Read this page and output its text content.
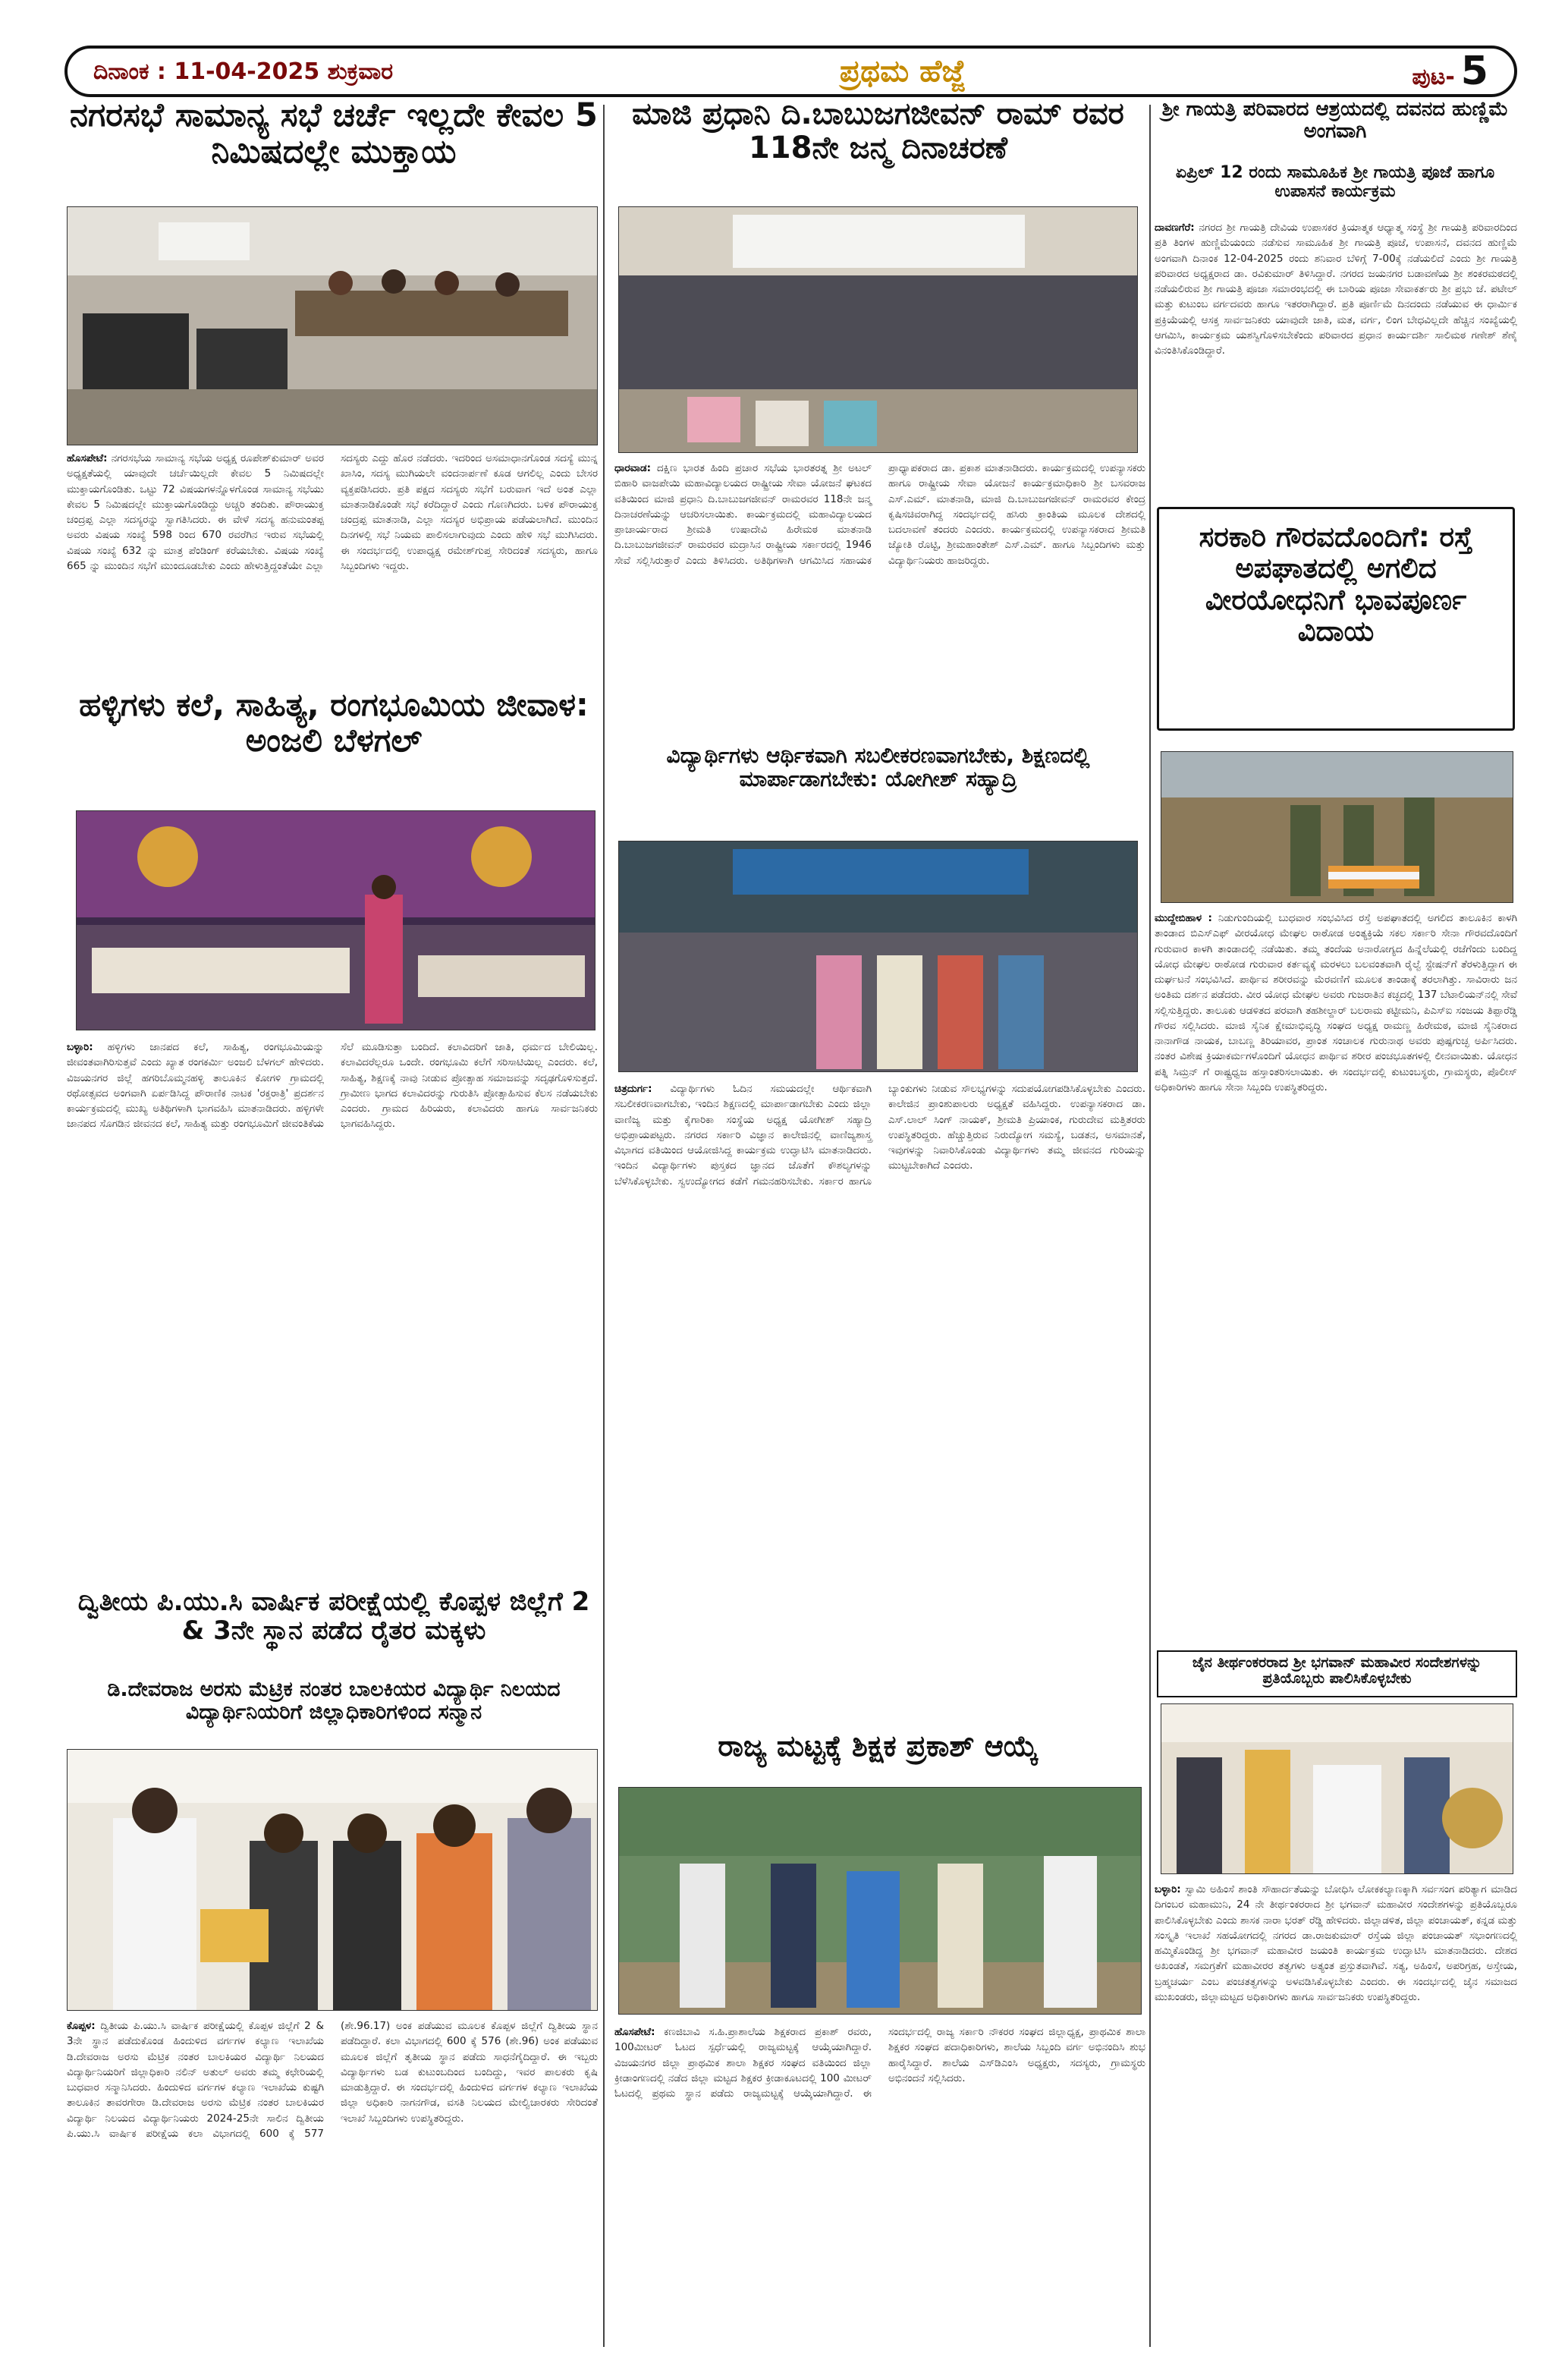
ದಿನಾಂಕ : 11-04-2025 ಶುಕ್ರವಾರ	ಪ್ರಥಮ ಹೆಜ್ಜೆ	ಪುಟ- 5
ನಗರಸಭೆ ಸಾಮಾನ್ಯ ಸಭೆ ಚರ್ಚೆ ಇಲ್ಲದೇ ಕೇವಲ 5 ನಿಮಿಷದಲ್ಲೇ ಮುಕ್ತಾಯ
ಹೊಸಪೇಟೆ: ನಗರಸಭೆಯ ಸಾಮಾನ್ಯ ಸಭೆಯ ಅಧ್ಯಕ್ಷ ರೂಪೇಶ್‌ಕುಮಾರ್ ಅವರ ಅಧ್ಯಕ್ಷತೆಯಲ್ಲಿ ಯಾವುದೇ ಚರ್ಚೆಯಿಲ್ಲದೇ ಕೇವಲ 5 ನಿಮಿಷದಲ್ಲೇ ಮುಕ್ತಾಯಗೊಂಡಿತು. ಒಟ್ಟು 72 ವಿಷಯಗಳನ್ನೊಳಗೊಂಡ ಸಾಮಾನ್ಯ ಸಭೆಯು ಕೇವಲ 5 ನಿಮಿಷದಲ್ಲೇ ಮುಕ್ತಾಯಗೊಂಡಿದ್ದು ಅಚ್ಚರಿ ತಂದಿತು. ಪೌರಾಯುಕ್ತ ಚಂದ್ರಪ್ಪ ಎಲ್ಲಾ ಸದಸ್ಯರನ್ನು ಸ್ವಾಗತಿಸಿದರು. ಈ ವೇಳೆ ಸದಸ್ಯ ಹನುಮಂತಪ್ಪ ಅವರು ವಿಷಯ ಸಂಖ್ಯೆ 598 ರಿಂದ 670 ರವರೆಗಿನ ಇರುವ ಸಭೆಯಲ್ಲಿ ವಿಷಯ ಸಂಖ್ಯೆ 632 ನ್ನು ಮಾತ್ರ ಪೆಂಡಿಂಗ್ ಕರೆಯಬೇಕು. ವಿಷಯ ಸಂಖ್ಯೆ 665 ನ್ನು ಮುಂದಿನ ಸಭೆಗೆ ಮುಂದೂಡಬೇಕು ಎಂದು ಹೇಳುತ್ತಿದ್ದಂತೆಯೇ ಎಲ್ಲಾ ಸದಸ್ಯರು ಎದ್ದು ಹೊರ ನಡೆದರು. ಇದರಿಂದ ಅಸಮಾಧಾನಗೊಂಡ ಸದಸ್ಯೆ ಮುನ್ನ ಖಾಸಿಂ, ಸದಸ್ಯ ಮುಗಿಯಲೇ ವಂದನಾರ್ಪಣೆ ಕೂಡ ಆಗಲಿಲ್ಲ ಎಂದು ಬೇಸರ ವ್ಯಕ್ತಪಡಿಸಿದರು. ಪ್ರತಿ ಪಕ್ಷದ ಸದಸ್ಯರು ಸಭೆಗೆ ಬರುವಾಗ ಇದೆ ಅಂತ ಎಲ್ಲಾ ಮಾತನಾಡಿಕೊಂಡೇ ಸಭೆ ಕರೆದಿದ್ದಾರೆ ಎಂದು ಗೊಣಗಿದರು. ಬಳಿಕ ಪೌರಾಯುಕ್ತ ಚಂದ್ರಪ್ಪ ಮಾತನಾಡಿ, ಎಲ್ಲಾ ಸದಸ್ಯರ ಅಭಿಪ್ರಾಯ ಪಡೆಯಲಾಗಿದೆ. ಮುಂದಿನ ದಿನಗಳಲ್ಲಿ ಸಭೆ ನಿಯಮ ಪಾಲಿಸಲಾಗುವುದು ಎಂದು ಹೇಳಿ ಸಭೆ ಮುಗಿಸಿದರು. ಈ ಸಂದರ್ಭದಲ್ಲಿ ಉಪಾಧ್ಯಕ್ಷ ರಮೇಶ್‌ಗುಪ್ತ ಸೇರಿದಂತೆ ಸದಸ್ಯರು, ಹಾಗೂ ಸಿಬ್ಬಂದಿಗಳು ಇದ್ದರು.
ಹಳ್ಳಿಗಳು ಕಲೆ, ಸಾಹಿತ್ಯ, ರಂಗಭೂಮಿಯ ಜೀವಾಳ: ಅಂಜಲಿ ಬೆಳಗಲ್
ಬಳ್ಳಾರಿ: ಹಳ್ಳಿಗಳು ಜಾನಪದ ಕಲೆ, ಸಾಹಿತ್ಯ, ರಂಗಭೂಮಿಯನ್ನು ಜೀವಂತವಾಗಿರಿಸುತ್ತವೆ ಎಂದು ಖ್ಯಾತ ರಂಗಕರ್ಮಿ ಅಂಜಲಿ ಬೆಳಗಲ್ ಹೇಳಿದರು. ವಿಜಯನಗರ ಜಿಲ್ಲೆ ಹಗರಿಬೊಮ್ಮನಹಳ್ಳಿ ತಾಲೂಕಿನ ಕೋಗಳಿ ಗ್ರಾಮದಲ್ಲಿ ರಥೋತ್ಸವದ ಅಂಗವಾಗಿ ಏರ್ಪಡಿಸಿದ್ದ ಪೌರಾಣಿಕ ನಾಟಕ 'ರಕ್ತರಾತ್ರಿ' ಪ್ರದರ್ಶನ ಕಾರ್ಯಕ್ರಮದಲ್ಲಿ ಮುಖ್ಯ ಅತಿಥಿಗಳಾಗಿ ಭಾಗವಹಿಸಿ ಮಾತನಾಡಿದರು. ಹಳ್ಳಿಗಳೇ ಜಾನಪದ ಸೊಗಡಿನ ಜೀವನದ ಕಲೆ, ಸಾಹಿತ್ಯ ಮತ್ತು ರಂಗಭೂಮಿಗೆ ಜೀವಂತಿಕೆಯ ಸೆಲೆ ಮೂಡಿಸುತ್ತಾ ಬಂದಿದೆ. ಕಲಾವಿದರಿಗೆ ಜಾತಿ, ಧರ್ಮದ ಬೇಲಿಯಿಲ್ಲ. ಕಲಾವಿದರೆಲ್ಲರೂ ಒಂದೇ. ರಂಗಭೂಮಿ ಕಲೆಗೆ ಸರಿಸಾಟಿಯಿಲ್ಲ ಎಂದರು. ಕಲೆ, ಸಾಹಿತ್ಯ, ಶಿಕ್ಷಣಕ್ಕೆ ನಾವು ನೀಡುವ ಪ್ರೋತ್ಸಾಹ ಸಮಾಜವನ್ನು ಸದೃಢಗೊಳಿಸುತ್ತದೆ. ಗ್ರಾಮೀಣ ಭಾಗದ ಕಲಾವಿದರನ್ನು ಗುರುತಿಸಿ ಪ್ರೋತ್ಸಾಹಿಸುವ ಕೆಲಸ ನಡೆಯಬೇಕು ಎಂದರು. ಗ್ರಾಮದ ಹಿರಿಯರು, ಕಲಾವಿದರು ಹಾಗೂ ಸಾರ್ವಜನಿಕರು ಭಾಗವಹಿಸಿದ್ದರು.
ದ್ವಿತೀಯ ಪಿ.ಯು.ಸಿ ವಾರ್ಷಿಕ ಪರೀಕ್ಷೆಯಲ್ಲಿ ಕೊಪ್ಪಳ ಜಿಲ್ಲೆಗೆ 2 & 3ನೇ ಸ್ಥಾನ ಪಡೆದ ರೈತರ ಮಕ್ಕಳು
ಡಿ.ದೇವರಾಜ ಅರಸು ಮೆಟ್ರಿಕ ನಂತರ ಬಾಲಕಿಯರ ವಿದ್ಯಾರ್ಥಿ ನಿಲಯದ ವಿದ್ಯಾರ್ಥಿನಿಯರಿಗೆ ಜಿಲ್ಲಾಧಿಕಾರಿಗಳಿಂದ ಸನ್ಮಾನ
ಕೊಪ್ಪಳ: ದ್ವಿತೀಯ ಪಿ.ಯು.ಸಿ ವಾರ್ಷಿಕ ಪರೀಕ್ಷೆಯಲ್ಲಿ ಕೊಪ್ಪಳ ಜಿಲ್ಲೆಗೆ 2 & 3ನೇ ಸ್ಥಾನ ಪಡೆದುಕೊಂಡ ಹಿಂದುಳಿದ ವರ್ಗಗಳ ಕಲ್ಯಾಣ ಇಲಾಖೆಯ ಡಿ.ದೇವರಾಜ ಅರಸು ಮೆಟ್ರಿಕ ನಂತರ ಬಾಲಕಿಯರ ವಿದ್ಯಾರ್ಥಿ ನಿಲಯದ ವಿದ್ಯಾರ್ಥಿನಿಯರಿಗೆ ಜಿಲ್ಲಾಧಿಕಾರಿ ನಲಿನ್ ಅತುಲ್ ಅವರು ತಮ್ಮ ಕಛೇರಿಯಲ್ಲಿ ಬುಧವಾರ ಸನ್ಮಾನಿಸಿದರು. ಹಿಂದುಳಿದ ವರ್ಗಗಳ ಕಲ್ಯಾಣ ಇಲಾಖೆಯ ಕುಷ್ಟಗಿ ತಾಲೂಕಿನ ತಾವರಗೇರಾ ಡಿ.ದೇವರಾಜ ಅರಸು ಮೆಟ್ರಿಕ ನಂತರ ಬಾಲಕಿಯರ ವಿದ್ಯಾರ್ಥಿ ನಿಲಯದ ವಿದ್ಯಾರ್ಥಿನಿಯರು 2024-25ನೇ ಸಾಲಿನ ದ್ವಿತೀಯ ಪಿ.ಯು.ಸಿ ವಾರ್ಷಿಕ ಪರೀಕ್ಷೆಯ ಕಲಾ ವಿಭಾಗದಲ್ಲಿ 600 ಕ್ಕೆ 577 (ಶೇ.96.17) ಅಂಕ ಪಡೆಯುವ ಮೂಲಕ ಕೊಪ್ಪಳ ಜಿಲ್ಲೆಗೆ ದ್ವಿತೀಯ ಸ್ಥಾನ ಪಡೆದಿದ್ದಾರೆ. ಕಲಾ ವಿಭಾಗದಲ್ಲಿ 600 ಕ್ಕೆ 576 (ಶೇ.96) ಅಂಕ ಪಡೆಯುವ ಮೂಲಕ ಜಿಲ್ಲೆಗೆ ತೃತೀಯ ಸ್ಥಾನ ಪಡೆದು ಸಾಧನೆಗೈದಿದ್ದಾರೆ. ಈ ಇಬ್ಬರು ವಿದ್ಯಾರ್ಥಿಗಳು ಬಡ ಕುಟುಂಬದಿಂದ ಬಂದಿದ್ದು, ಇವರ ಪಾಲಕರು ಕೃಷಿ ಮಾಡುತ್ತಿದ್ದಾರೆ. ಈ ಸಂದರ್ಭದಲ್ಲಿ ಹಿಂದುಳಿದ ವರ್ಗಗಳ ಕಲ್ಯಾಣ ಇಲಾಖೆಯ ಜಿಲ್ಲಾ ಅಧಿಕಾರಿ ನಾಗನಗೌಡ, ವಸತಿ ನಿಲಯದ ಮೇಲ್ವಿಚಾರಕರು ಸೇರಿದಂತೆ ಇಲಾಖೆ ಸಿಬ್ಬಂದಿಗಳು ಉಪಸ್ಥಿತರಿದ್ದರು.
ಮಾಜಿ ಪ್ರಧಾನಿ ದಿ.ಬಾಬುಜಗಜೀವನ್ ರಾಮ್ ರವರ 118ನೇ ಜನ್ಮ ದಿನಾಚರಣೆ
ಧಾರವಾಡ: ದಕ್ಷಿಣ ಭಾರತ ಹಿಂದಿ ಪ್ರಚಾರ ಸಭೆಯ ಭಾರತರತ್ನ ಶ್ರೀ ಅಟಲ್ ಬಿಹಾರಿ ವಾಜಪೇಯಿ ಮಹಾವಿದ್ಯಾಲಯದ ರಾಷ್ಟ್ರೀಯ ಸೇವಾ ಯೋಜನೆ ಘಟಕದ ವತಿಯಿಂದ ಮಾಜಿ ಪ್ರಧಾನಿ ದಿ.ಬಾಬುಜಗಜೀವನ್ ರಾಮರವರ 118ನೇ ಜನ್ಮ ದಿನಾಚರಣೆಯನ್ನು ಆಚರಿಸಲಾಯಿತು. ಕಾರ್ಯಕ್ರಮದಲ್ಲಿ ಮಹಾವಿದ್ಯಾಲಯದ ಪ್ರಾಚಾರ್ಯರಾದ ಶ್ರೀಮತಿ ಉಷಾದೇವಿ ಹಿರೇಮಠ ಮಾತನಾಡಿ ದಿ.ಬಾಬುಜಗಜೀವನ್ ರಾಮರವರ ಮದ್ರಾಸಿನ ರಾಷ್ಟ್ರೀಯ ಸರ್ಕಾರದಲ್ಲಿ 1946 ಸೇವೆ ಸಲ್ಲಿಸಿರುತ್ತಾರೆ ಎಂದು ತಿಳಿಸಿದರು. ಅತಿಥಿಗಳಾಗಿ ಆಗಮಿಸಿದ ಸಹಾಯಕ ಪ್ರಾಧ್ಯಾಪಕರಾದ ಡಾ. ಪ್ರಕಾಶ ಮಾತನಾಡಿದರು. ಕಾರ್ಯಕ್ರಮದಲ್ಲಿ ಉಪನ್ಯಾಸಕರು ಹಾಗೂ ರಾಷ್ಟ್ರೀಯ ಸೇವಾ ಯೋಜನೆ ಕಾರ್ಯಕ್ರಮಾಧಿಕಾರಿ ಶ್ರೀ ಬಸವರಾಜ ಎಸ್.ಎಮ್. ಮಾತನಾಡಿ, ಮಾಜಿ ದಿ.ಬಾಬುಜಗಜೀವನ್ ರಾಮರವರ ಕೇಂದ್ರ ಕೃಷಿಸಚಿವರಾಗಿದ್ದ ಸಂದರ್ಭದಲ್ಲಿ ಹಸಿರು ಕ್ರಾಂತಿಯ ಮೂಲಕ ದೇಶದಲ್ಲಿ ಬದಲಾವಣೆ ತಂದರು ಎಂದರು. ಕಾರ್ಯಕ್ರಮದಲ್ಲಿ ಉಪನ್ಯಾಸಕರಾದ ಶ್ರೀಮತಿ ಜ್ಯೋತಿ ರೊಟ್ಟಿ, ಶ್ರೀಮಹಾಂತೇಶ್ ಎಸ್.ಎಮ್. ಹಾಗೂ ಸಿಬ್ಬಂದಿಗಳು ಮತ್ತು ವಿದ್ಯಾರ್ಥಿನಿಯರು ಹಾಜರಿದ್ದರು.
ವಿದ್ಯಾರ್ಥಿಗಳು ಆರ್ಥಿಕವಾಗಿ ಸಬಲೀಕರಣವಾಗಬೇಕು, ಶಿಕ್ಷಣದಲ್ಲಿ ಮಾರ್ಪಾಡಾಗಬೇಕು: ಯೋಗೀಶ್ ಸಹ್ಯಾದ್ರಿ
ಚಿತ್ರದುರ್ಗ: ವಿದ್ಯಾರ್ಥಿಗಳು ಓದಿನ ಸಮಯದಲ್ಲೇ ಆರ್ಥಿಕವಾಗಿ ಸಬಲೀಕರಣವಾಗಬೇಕು, ಇಂದಿನ ಶಿಕ್ಷಣದಲ್ಲಿ ಮಾರ್ಪಾಡಾಗಬೇಕು ಎಂದು ಜಿಲ್ಲಾ ವಾಣಿಜ್ಯ ಮತ್ತು ಕೈಗಾರಿಕಾ ಸಂಸ್ಥೆಯ ಅಧ್ಯಕ್ಷ ಯೋಗೀಶ್ ಸಹ್ಯಾದ್ರಿ ಅಭಿಪ್ರಾಯಪಟ್ಟರು. ನಗರದ ಸರ್ಕಾರಿ ವಿಜ್ಞಾನ ಕಾಲೇಜಿನಲ್ಲಿ ವಾಣಿಜ್ಯಶಾಸ್ತ್ರ ವಿಭಾಗದ ವತಿಯಿಂದ ಆಯೋಜಿಸಿದ್ದ ಕಾರ್ಯಕ್ರಮ ಉದ್ಘಾಟಿಸಿ ಮಾತನಾಡಿದರು. ಇಂದಿನ ವಿದ್ಯಾರ್ಥಿಗಳು ಪುಸ್ತಕದ ಜ್ಞಾನದ ಜೊತೆಗೆ ಕೌಶಲ್ಯಗಳನ್ನು ಬೆಳೆಸಿಕೊಳ್ಳಬೇಕು. ಸ್ವಉದ್ಯೋಗದ ಕಡೆಗೆ ಗಮನಹರಿಸಬೇಕು. ಸರ್ಕಾರ ಹಾಗೂ ಬ್ಯಾಂಕುಗಳು ನೀಡುವ ಸೌಲಭ್ಯಗಳನ್ನು ಸದುಪಯೋಗಪಡಿಸಿಕೊಳ್ಳಬೇಕು ಎಂದರು. ಕಾಲೇಜಿನ ಪ್ರಾಂಶುಪಾಲರು ಅಧ್ಯಕ್ಷತೆ ವಹಿಸಿದ್ದರು. ಉಪನ್ಯಾಸಕರಾದ ಡಾ. ಎಸ್.ಲಾಲ್ ಸಿಂಗ್ ನಾಯಕ್, ಶ್ರೀಮತಿ ಪ್ರಿಯಾಂಕ, ಗುರುದೇವ ಮತ್ತಿತರರು ಉಪಸ್ಥಿತರಿದ್ದರು. ಹೆಚ್ಚುತ್ತಿರುವ ನಿರುದ್ಯೋಗ ಸಮಸ್ಯೆ, ಬಡತನ, ಅಸಮಾನತೆ, ಇವುಗಳನ್ನು ನಿವಾರಿಸಿಕೊಂಡು ವಿದ್ಯಾರ್ಥಿಗಳು ತಮ್ಮ ಜೀವನದ ಗುರಿಯನ್ನು ಮುಟ್ಟಬೇಕಾಗಿದೆ ಎಂದರು.
ರಾಜ್ಯ ಮಟ್ಟಕ್ಕೆ ಶಿಕ್ಷಕ ಪ್ರಕಾಶ್ ಆಯ್ಕೆ
ಹೊಸಪೇಟೆ: ಕಣಜಿಬಾವಿ ಸ.ಹಿ.ಪ್ರಾಶಾಲೆಯ ಶಿಕ್ಷಕರಾದ ಪ್ರಕಾಶ್ ರವರು, 100ಮೀಟರ್ ಓಟದ ಸ್ಪರ್ಧೆಯಲ್ಲಿ ರಾಜ್ಯಮಟ್ಟಕ್ಕೆ ಆಯ್ಕೆಯಾಗಿದ್ದಾರೆ. ವಿಜಯನಗರ ಜಿಲ್ಲಾ ಪ್ರಾಥಮಿಕ ಶಾಲಾ ಶಿಕ್ಷಕರ ಸಂಘದ ವತಿಯಿಂದ ಜಿಲ್ಲಾ ಕ್ರೀಡಾಂಗಣದಲ್ಲಿ ನಡೆದ ಜಿಲ್ಲಾ ಮಟ್ಟದ ಶಿಕ್ಷಕರ ಕ್ರೀಡಾಕೂಟದಲ್ಲಿ 100 ಮೀಟರ್ ಓಟದಲ್ಲಿ ಪ್ರಥಮ ಸ್ಥಾನ ಪಡೆದು ರಾಜ್ಯಮಟ್ಟಕ್ಕೆ ಆಯ್ಕೆಯಾಗಿದ್ದಾರೆ. ಈ ಸಂದರ್ಭದಲ್ಲಿ ರಾಜ್ಯ ಸರ್ಕಾರಿ ನೌಕರರ ಸಂಘದ ಜಿಲ್ಲಾಧ್ಯಕ್ಷ, ಪ್ರಾಥಮಿಕ ಶಾಲಾ ಶಿಕ್ಷಕರ ಸಂಘದ ಪದಾಧಿಕಾರಿಗಳು, ಶಾಲೆಯ ಸಿಬ್ಬಂದಿ ವರ್ಗ ಅಭಿನಂದಿಸಿ ಶುಭ ಹಾರೈಸಿದ್ದಾರೆ. ಶಾಲೆಯ ಎಸ್‌ಡಿಎಂಸಿ ಅಧ್ಯಕ್ಷರು, ಸದಸ್ಯರು, ಗ್ರಾಮಸ್ಥರು ಅಭಿನಂದನೆ ಸಲ್ಲಿಸಿದರು.
ಶ್ರೀ ಗಾಯತ್ರಿ ಪರಿವಾರದ ಆಶ್ರಯದಲ್ಲಿ ದವನದ ಹುಣ್ಣಿಮೆ ಅಂಗವಾಗಿ
ಏಪ್ರಿಲ್ 12 ರಂದು ಸಾಮೂಹಿಕ ಶ್ರೀ ಗಾಯತ್ರಿ ಪೂಜೆ ಹಾಗೂ ಉಪಾಸನೆ ಕಾರ್ಯಕ್ರಮ
ದಾವಣಗೆರೆ: ನಗರದ ಶ್ರೀ ಗಾಯತ್ರಿ ದೇವಿಯ ಉಪಾಸಕರ ಕ್ರಿಯಾತ್ಮಕ ಆಧ್ಯಾತ್ಮ ಸಂಸ್ಥೆ ಶ್ರೀ ಗಾಯತ್ರಿ ಪರಿವಾರದಿಂದ ಪ್ರತಿ ತಿಂಗಳ ಹುಣ್ಣಿಮೆಯಂದು ನಡೆಸುವ ಸಾಮೂಹಿಕ ಶ್ರೀ ಗಾಯತ್ರಿ ಪೂಜೆ, ಉಪಾಸನೆ, ದವನದ ಹುಣ್ಣಿಮೆ ಅಂಗವಾಗಿ ದಿನಾಂಕ 12-04-2025 ರಂದು ಶನಿವಾರ ಬೆಳಿಗ್ಗೆ 7-00ಕ್ಕೆ ನಡೆಯಲಿದೆ ಎಂದು ಶ್ರೀ ಗಾಯತ್ರಿ ಪರಿವಾರದ ಅಧ್ಯಕ್ಷರಾದ ಡಾ. ರವಿಕುಮಾರ್ ತಿಳಿಸಿದ್ದಾರೆ. ನಗರದ ಜಯನಗರ ಬಡಾವಣೆಯ ಶ್ರೀ ಶಂಕರಮಠದಲ್ಲಿ ನಡೆಯಲಿರುವ ಶ್ರೀ ಗಾಯತ್ರಿ ಪೂಜಾ ಸಮಾರಂಭದಲ್ಲಿ ಈ ಬಾರಿಯ ಪೂಜಾ ಸೇವಾಕರ್ತರು ಶ್ರೀ ಪ್ರಭು ಜೆ. ಪಟೇಲ್ ಮತ್ತು ಕುಟುಂಬ ವರ್ಗದವರು ಹಾಗೂ ಇತರರಾಗಿದ್ದಾರೆ. ಪ್ರತಿ ಪೂರ್ಣಿಮೆ ದಿನದಂದು ನಡೆಯುವ ಈ ಧಾರ್ಮಿಕ ಪ್ರಕ್ರಿಯೆಯಲ್ಲಿ ಆಸಕ್ತ ಸಾರ್ವಜನಿಕರು ಯಾವುದೇ ಜಾತಿ, ಮತ, ವರ್ಗ, ಲಿಂಗ ಬೇಧವಿಲ್ಲದೇ ಹೆಚ್ಚಿನ ಸಂಖ್ಯೆಯಲ್ಲಿ ಆಗಮಿಸಿ, ಕಾರ್ಯಕ್ರಮ ಯಶಸ್ವಿಗೊಳಿಸಬೇಕೆಂದು ಪರಿವಾರದ ಪ್ರಧಾನ ಕಾರ್ಯದರ್ಶಿ ಸಾಲಿಮಠ ಗಣೇಶ್ ಶೆಣೈ ವಿನಂತಿಸಿಕೊಂಡಿದ್ದಾರೆ.
ಸರಕಾರಿ ಗೌರವದೊಂದಿಗೆ: ರಸ್ತೆ ಅಪಘಾತದಲ್ಲಿ ಅಗಲಿದ ವೀರಯೋಧನಿಗೆ ಭಾವಪೂರ್ಣ ವಿದಾಯ
ಮುದ್ದೇಬಿಹಾಳ : ನಿಡುಗುಂದಿಯಲ್ಲಿ ಬುಧವಾರ ಸಂಭವಿಸಿದ ರಸ್ತೆ ಅಪಘಾತದಲ್ಲಿ ಅಗಲಿದ ತಾಲೂಕಿನ ಕಾಳಗಿ ತಾಂಡಾದ ಬಿಎಸ್‌ಎಫ್ ವೀರಯೋಧ ಮೇಘಲ ರಾಠೋಡ ಅಂತ್ಯಕ್ರಿಯೆ ಸಕಲ ಸರ್ಕಾರಿ ಸೇನಾ ಗೌರವದೊಂದಿಗೆ ಗುರುವಾರ ಕಾಳಗಿ ತಾಂಡಾದಲ್ಲಿ ನಡೆಯಿತು. ತಮ್ಮ ತಂದೆಯ ಅನಾರೋಗ್ಯದ ಹಿನ್ನೆಲೆಯಲ್ಲಿ ರಜೆಗೆಂದು ಬಂದಿದ್ದ ಯೋಧ ಮೇಘಲ ರಾಠೋಡ ಗುರುವಾರ ಕರ್ತವ್ಯಕ್ಕೆ ಮರಳಲು ಬಲವಂತವಾಗಿ ರೈಲ್ವೆ ಸ್ಟೇಷನ್‌ಗೆ ತೆರಳುತ್ತಿದ್ದಾಗ ಈ ದುರ್ಘಟನೆ ಸಂಭವಿಸಿದೆ. ಪಾರ್ಥಿವ ಶರೀರವನ್ನು ಮೆರವಣಿಗೆ ಮೂಲಕ ತಾಂಡಾಕ್ಕೆ ತರಲಾಗಿತ್ತು. ಸಾವಿರಾರು ಜನ ಅಂತಿಮ ದರ್ಶನ ಪಡೆದರು. ವೀರ ಯೋಧ ಮೇಘಲ ಅವರು ಗುಜರಾತಿನ ಕಚ್ಛದಲ್ಲಿ 137 ಬೆಟಾಲಿಯನ್‌ನಲ್ಲಿ ಸೇವೆ ಸಲ್ಲಿಸುತ್ತಿದ್ದರು. ತಾಲೂಕು ಆಡಳಿತದ ಪರವಾಗಿ ತಹಶೀಲ್ದಾರ್ ಬಲರಾಮ ಕಟ್ಟೀಮನಿ, ಪಿಎಸ್ಐ ಸಂಜಯ ತಿಪ್ಪಾರೆಡ್ಡಿ ಗೌರವ ಸಲ್ಲಿಸಿದರು. ಮಾಜಿ ಸೈನಿಕ ಕ್ಷೇಮಾಭಿವೃದ್ಧಿ ಸಂಘದ ಅಧ್ಯಕ್ಷ ರಾಮಣ್ಣ ಹಿರೇಮಠ, ಮಾಜಿ ಸೈನಿಕರಾದ ನಾನಾಗೌಡ ನಾಯಕ, ಬಾಬಣ್ಣ ತಿರಿಯಾವರ, ಪ್ರಾಂತ ಸಂಚಾಲಕ ಗುರುನಾಥ ಅವರು ಪುಷ್ಪಗುಚ್ಛ ಅರ್ಪಿಸಿದರು. ನಂತರ ವಿಶೇಷ ಕ್ರಿಯಾಕರ್ಮಗಳೊಂದಿಗೆ ಯೋಧನ ಪಾರ್ಥಿವ ಶರೀರ ಪಂಚಭೂತಗಳಲ್ಲಿ ಲೀನವಾಯಿತು. ಯೋಧನ ಪತ್ನಿ ಸಿಮ್ರನ್ ಗೆ ರಾಷ್ಟ್ರಧ್ವಜ ಹಸ್ತಾಂತರಿಸಲಾಯಿತು. ಈ ಸಂದರ್ಭದಲ್ಲಿ ಕುಟುಂಬಸ್ಥರು, ಗ್ರಾಮಸ್ಥರು, ಪೊಲೀಸ್ ಅಧಿಕಾರಿಗಳು ಹಾಗೂ ಸೇನಾ ಸಿಬ್ಬಂದಿ ಉಪಸ್ಥಿತರಿದ್ದರು.
ಜೈನ ತೀರ್ಥಂಕರರಾದ ಶ್ರೀ ಭಗವಾನ್ ಮಹಾವೀರ ಸಂದೇಶಗಳನ್ನು ಪ್ರತಿಯೊಬ್ಬರು ಪಾಲಿಸಿಕೊಳ್ಳಬೇಕು
ಬಳ್ಳಾರಿ: ಸ್ವಾಮಿ ಅಹಿಂಸೆ ಶಾಂತಿ ಸೌಹಾರ್ದತೆಯನ್ನು ಬೋಧಿಸಿ ಲೋಕಕಲ್ಯಾಣಕ್ಕಾಗಿ ಸರ್ವಸಂಗ ಪರಿತ್ಯಾಗ ಮಾಡಿದ ದಿಗಂಬರ ಮಹಾಮುನಿ, 24 ನೇ ತೀರ್ಥಂಕರರಾದ ಶ್ರೀ ಭಗವಾನ್ ಮಹಾವೀರ ಸಂದೇಶಗಳನ್ನು ಪ್ರತಿಯೊಬ್ಬರೂ ಪಾಲಿಸಿಕೊಳ್ಳಬೇಕು ಎಂದು ಶಾಸಕ ನಾರಾ ಭರತ್ ರೆಡ್ಡಿ ಹೇಳಿದರು. ಜಿಲ್ಲಾಡಳಿತ, ಜಿಲ್ಲಾ ಪಂಚಾಯತ್, ಕನ್ನಡ ಮತ್ತು ಸಂಸ್ಕೃತಿ ಇಲಾಖೆ ಸಹಯೋಗದಲ್ಲಿ ನಗರದ ಡಾ.ರಾಜಕುಮಾರ್ ರಸ್ತೆಯ ಜಿಲ್ಲಾ ಪಂಚಾಯತ್ ಸಭಾಂಗಣದಲ್ಲಿ ಹಮ್ಮಿಕೊಂಡಿದ್ದ ಶ್ರೀ ಭಗವಾನ್ ಮಹಾವೀರ ಜಯಂತಿ ಕಾರ್ಯಕ್ರಮ ಉದ್ಘಾಟಿಸಿ ಮಾತನಾಡಿದರು. ದೇಶದ ಅಖಂಡತೆ, ಸಮಗ್ರತೆಗೆ ಮಹಾವೀರರ ತತ್ವಗಳು ಅತ್ಯಂತ ಪ್ರಸ್ತುತವಾಗಿವೆ. ಸತ್ಯ, ಅಹಿಂಸೆ, ಅಪರಿಗ್ರಹ, ಅಸ್ತೇಯ, ಬ್ರಹ್ಮಚರ್ಯ ಎಂಬ ಪಂಚತತ್ವಗಳನ್ನು ಅಳವಡಿಸಿಕೊಳ್ಳಬೇಕು ಎಂದರು. ಈ ಸಂದರ್ಭದಲ್ಲಿ ಜೈನ ಸಮಾಜದ ಮುಖಂಡರು, ಜಿಲ್ಲಾಮಟ್ಟದ ಅಧಿಕಾರಿಗಳು ಹಾಗೂ ಸಾರ್ವಜನಿಕರು ಉಪಸ್ಥಿತರಿದ್ದರು.
